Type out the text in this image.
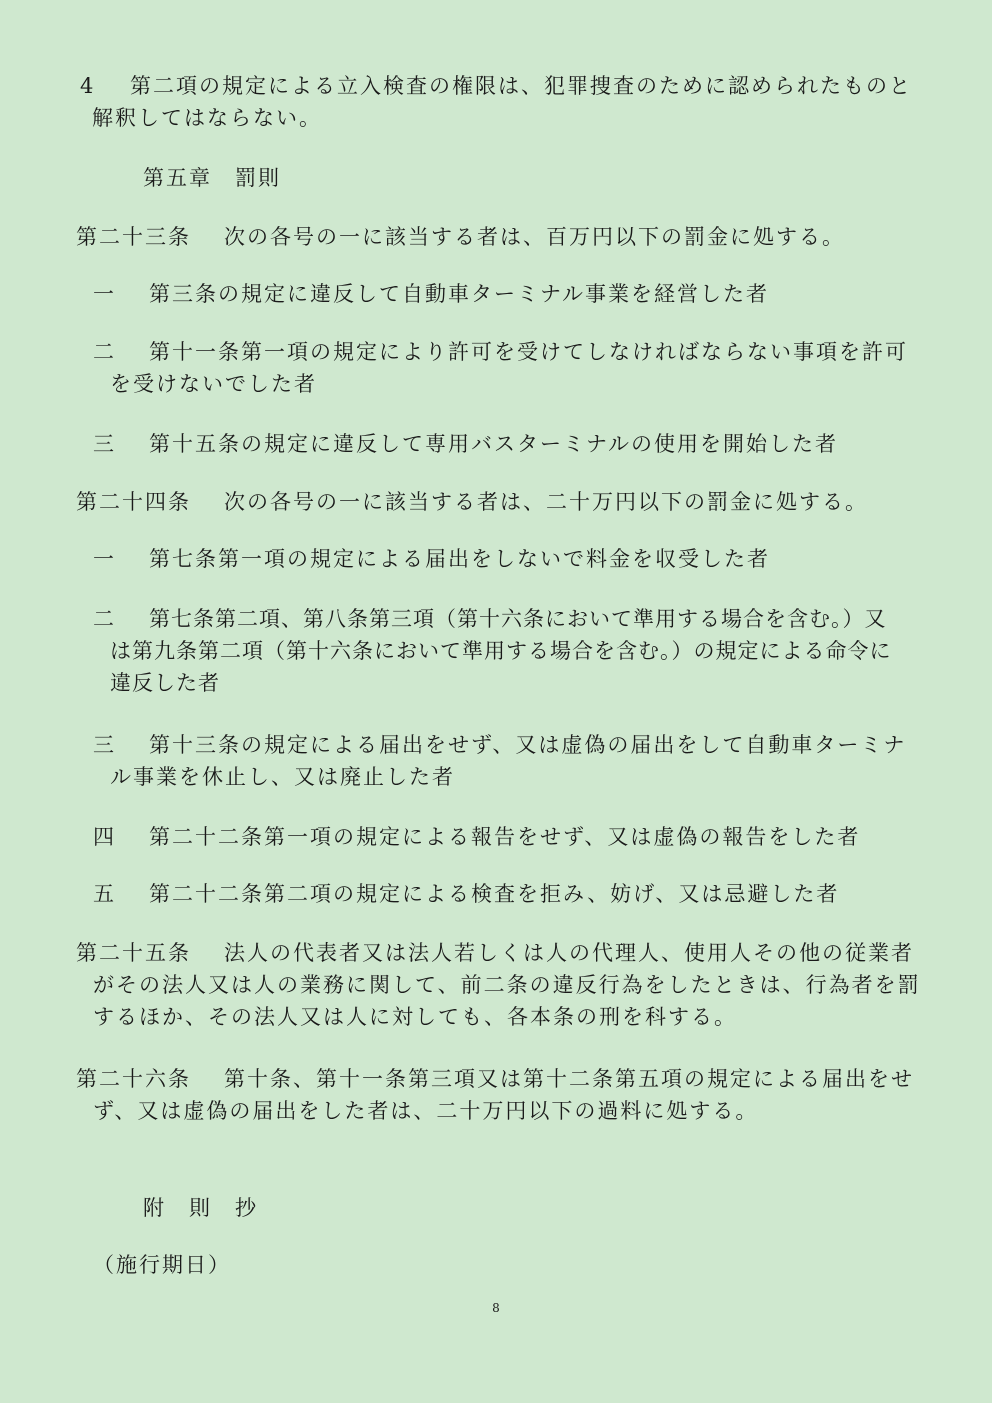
4 第二項の規定による立入検査の権限は、犯罪捜査のために認められたものと
解釈してはならない。
第五章　罰則
第二十三条 次の各号の一に該当する者は、百万円以下の罰金に処する。
一 第三条の規定に違反して自動車ターミナル事業を経営した者
二 第十一条第一項の規定により許可を受けてしなければならない事項を許可
を受けないでした者
三 第十五条の規定に違反して専用バスターミナルの使用を開始した者
第二十四条 次の各号の一に該当する者は、二十万円以下の罰金に処する。
一 第七条第一項の規定による届出をしないで料金を収受した者
二 第七条第二項、第八条第三項（第十六条において準用する場合を含む。）又
は第九条第二項（第十六条において準用する場合を含む。）の規定による命令に
違反した者
三 第十三条の規定による届出をせず、又は虚偽の届出をして自動車ターミナ
ル事業を休止し、又は廃止した者
四 第二十二条第一項の規定による報告をせず、又は虚偽の報告をした者
五 第二十二条第二項の規定による検査を拒み、妨げ、又は忌避した者
第二十五条 法人の代表者又は法人若しくは人の代理人、使用人その他の従業者
がその法人又は人の業務に関して、前二条の違反行為をしたときは、行為者を罰
するほか、その法人又は人に対しても、各本条の刑を科する。
第二十六条 第十条、第十一条第三項又は第十二条第五項の規定による届出をせ
ず、又は虚偽の届出をした者は、二十万円以下の過料に処する。
附　則　抄
（施行期日）
8
